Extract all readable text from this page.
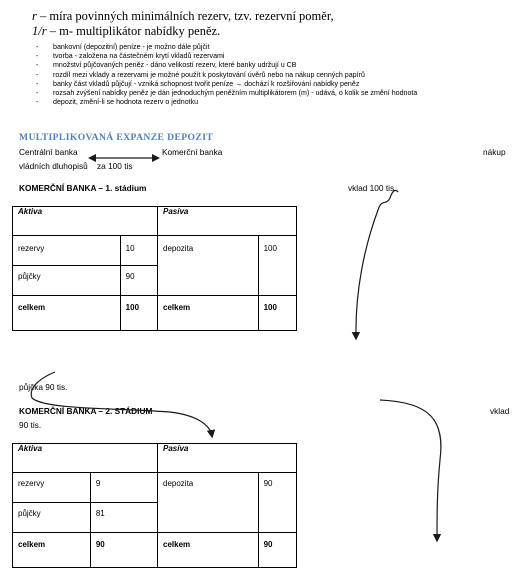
r – míra povinných minimálních rezerv, tzv. rezervní poměr,
1/r – m- multiplikátor nabídky peněz.
- bankovní (depozitní) peníze - je možno dále půjčit
- tvorba - založena na částečném krytí vkladů rezervami
- množství půjčovaných peněz - dáno velikostí rezerv, které banky udržují u CB
- rozdíl mezi vklady a rezervami je možné použít k poskytování úvěrů nebo na nákup cenných papírů
- banky část vkladů půjčují - vzniká schopnost tvořit peníze → dochází k rozšiřování nabídky peněz
- rozsah zvýšení nabídky peněz je dán jednoduchým peněžním multiplikátorem (m) - udává, o kolik se změní hodnota
- depozit, změní-li se hodnota rezerv o jednotku
MULTIPLIKOVANÁ EXPANZE DEPOZIT
Centrální banka	Komerční banka	nákup
vládních dluhopisů za 100 tis
KOMERČNÍ BANKA – 1. stádium	vklad 100 tis.
Aktiva		Pasíva	
rezervy	10	depozita	100
půjčky	90		
celkem	100	celkem	100
půjčka 90 tis.
KOMERČNÍ BANKA – 2. STÁDIUM	vklad
90 tis.
Aktiva		Pasíva	
rezervy	9	depozita	90
půjčky	81		
celkem	90	celkem	90
